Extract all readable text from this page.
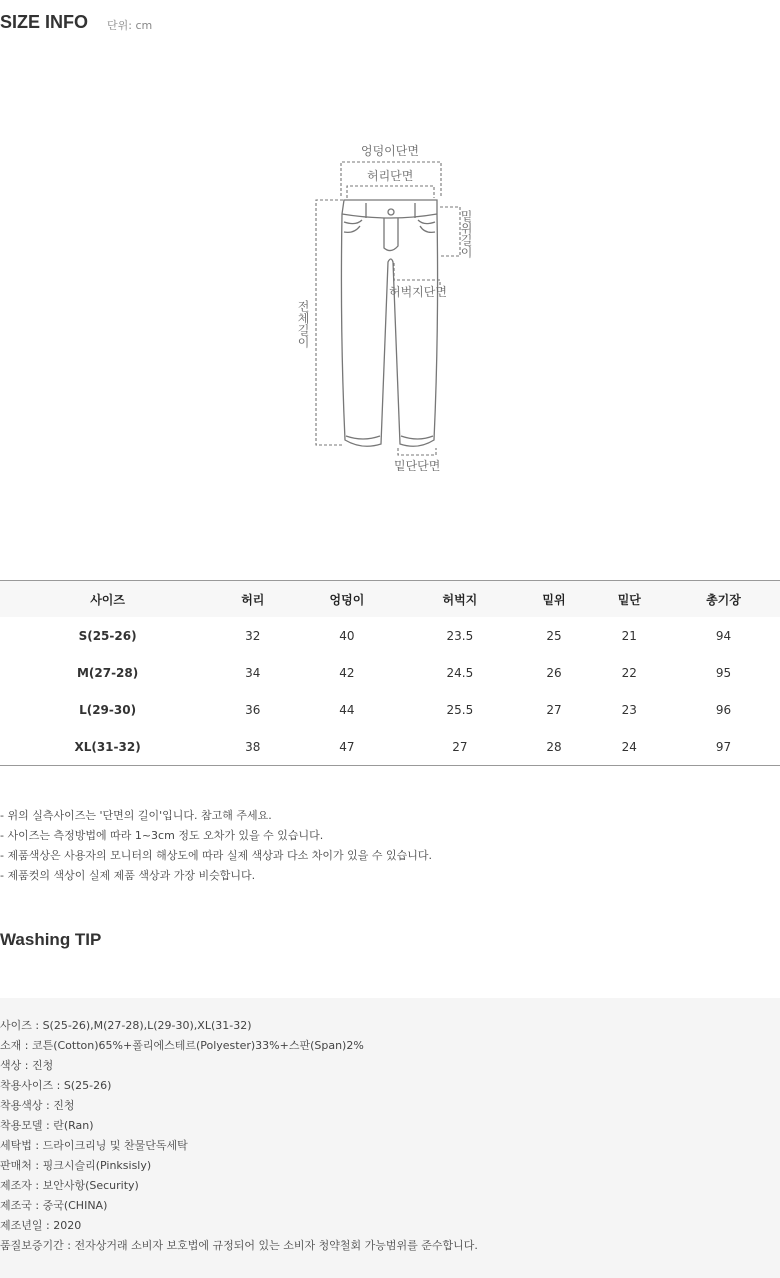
SIZE INFO 단위: cm
엉덩이단면
허리단면
밑위길이
전체길이
허벅지단면
밑단단면
사이즈	허리	엉덩이	허벅지	밑위	밑단	총기장
S(25-26)	32	40	23.5	25	21	94
M(27-28)	34	42	24.5	26	22	95
L(29-30)	36	44	25.5	27	23	96
XL(31-32)	38	47	27	28	24	97
- 위의 실측사이즈는 '단면의 길이'입니다. 참고해 주세요.
- 사이즈는 측정방법에 따라 1~3cm 정도 오차가 있을 수 있습니다.
- 제품색상은 사용자의 모니터의 해상도에 따라 실제 색상과 다소 차이가 있을 수 있습니다.
- 제품컷의 색상이 실제 제품 색상과 가장 비슷합니다.
Washing TIP
사이즈 : S(25-26),M(27-28),L(29-30),XL(31-32)
소재 : 코튼(Cotton)65%+폴리에스테르(Polyester)33%+스판(Span)2%
색상 : 진청
착용사이즈 : S(25-26)
착용색상 : 진청
착용모델 : 란(Ran)
세탁법 : 드라이크리닝 및 찬물단독세탁
판매처 : 핑크시슬리(Pinksisly)
제조자 : 보안사항(Security)
제조국 : 중국(CHINA)
제조년일 : 2020
품질보증기간 : 전자상거래 소비자 보호법에 규정되어 있는 소비자 청약철회 가능범위를 준수합니다.
